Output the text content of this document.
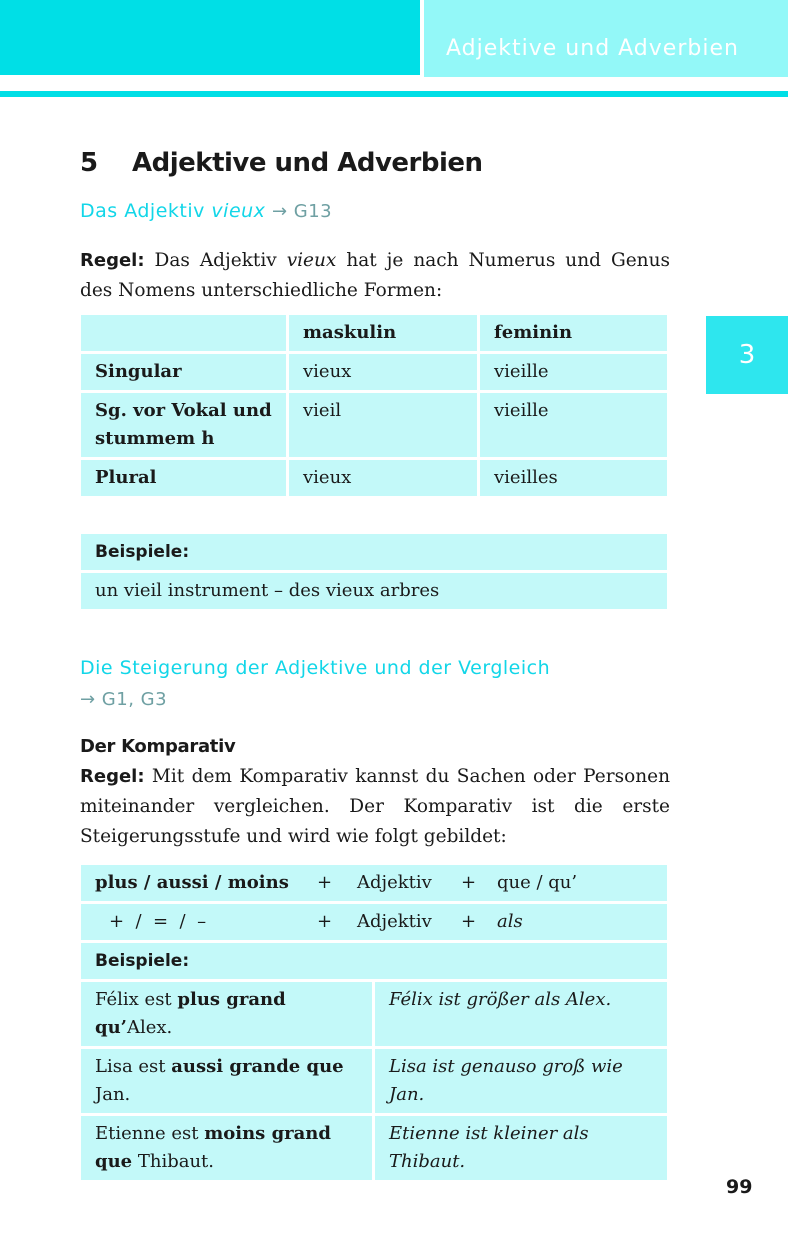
Adjektive und Adverbien
3
5 Adjektive und Adverbien
Das Adjektiv vieux → G13
Regel: Das Adjektiv vieux hat je nach Numerus und Genus des Nomens unterschiedliche Formen:
	maskulin	feminin
Singular	vieux	vieille
Sg. vor Vokal und stummem h	vieil	vieille
Plural	vieux	vieilles
Beispiele:
un vieil instrument – des vieux arbres
Die Steigerung der Adjektive und der Vergleich
→ G1, G3
Der Komparativ
Regel: Mit dem Komparativ kannst du Sachen oder Personen miteinander vergleichen. Der Komparativ ist die erste Steigerungsstufe und wird wie folgt gebildet:
plus / aussi / moins + Adjektiv + que / qu’	
+  /  =  /  – + Adjektiv + als	
Beispiele:	
Félix est plus grand qu’Alex.	Félix ist größer als Alex.
Lisa est aussi grande que Jan.	Lisa ist genauso groß wie Jan.
Etienne est moins grand que Thibaut.	Etienne ist kleiner als Thibaut.
99
